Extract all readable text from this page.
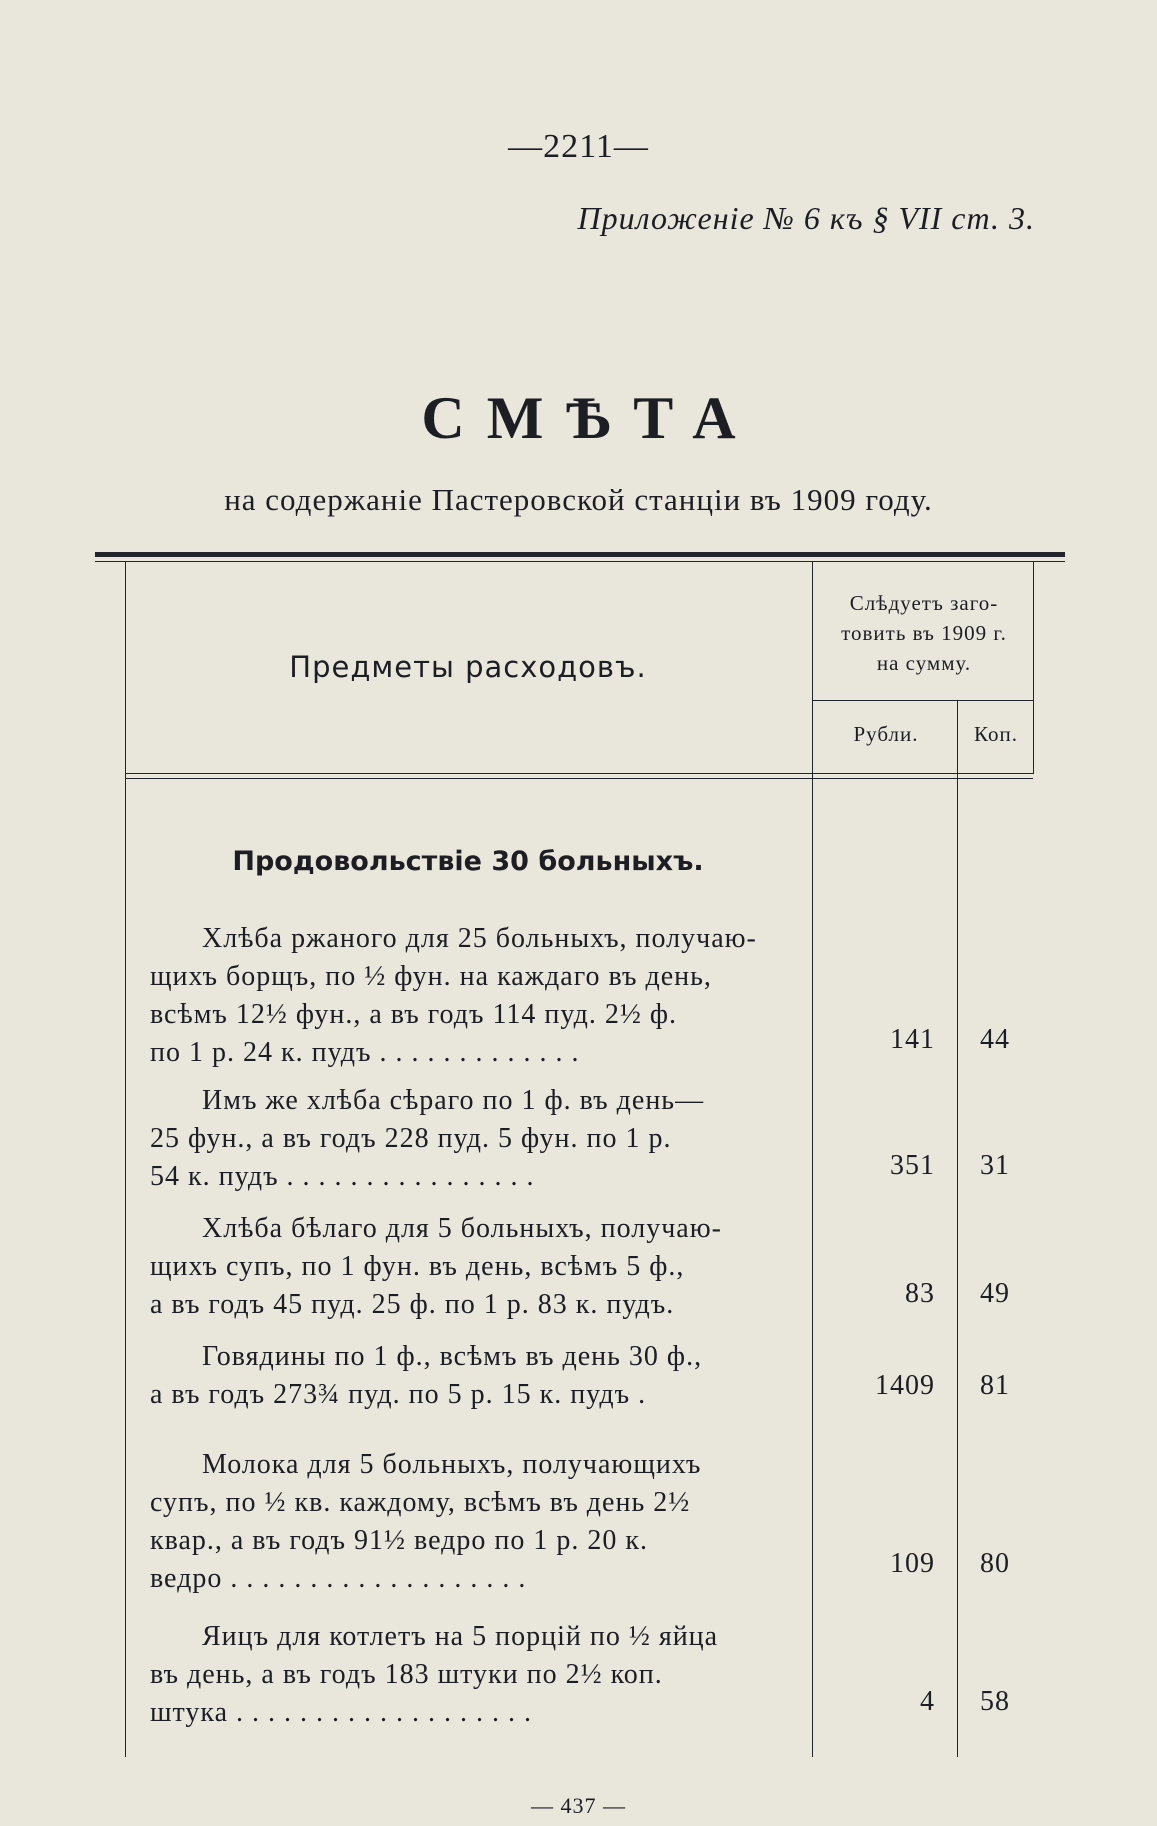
—2211—
Приложеніе № 6 къ § VII ст. 3.
СМѢТА
на содержаніе Пастеровской станціи въ 1909 году.
Предметы расходовъ.
Слѣдуетъ заго-
товить въ 1909 г.
на сумму.
Рубли.	Коп.
Продовольствіе 30 больныхъ.
Хлѣба ржаного для 25 больныхъ, получаю-
щихъ борщъ, по ½ фун. на каждаго въ день,
всѣмъ 12½ фун., а въ годъ 114 пуд. 2½ ф.
по 1 р. 24 к. пудъ . . . . . . . . . . . . .	141	44
Имъ же хлѣба сѣраго по 1 ф. въ день—
25 фун., а въ годъ 228 пуд. 5 фун. по 1 р.
54 к. пудъ . . . . . . . . . . . . . . . .	351	31
Хлѣба бѣлаго для 5 больныхъ, получаю-
щихъ супъ, по 1 фун. въ день, всѣмъ 5 ф.,
а въ годъ 45 пуд. 25 ф. по 1 р. 83 к. пудъ.	83	49
Говядины по 1 ф., всѣмъ въ день 30 ф.,
а въ годъ 273¾ пуд. по 5 р. 15 к. пудъ .	1409	81
Молока для 5 больныхъ, получающихъ
супъ, по ½ кв. каждому, всѣмъ въ день 2½
квар., а въ годъ 91½ ведро по 1 р. 20 к.
ведро . . . . . . . . . . . . . . . . . . .	109	80
Яицъ для котлетъ на 5 порцій по ½ яйца
въ день, а въ годъ 183 штуки по 2½ коп.
штука . . . . . . . . . . . . . . . . . . .	4	58
— 437 —
